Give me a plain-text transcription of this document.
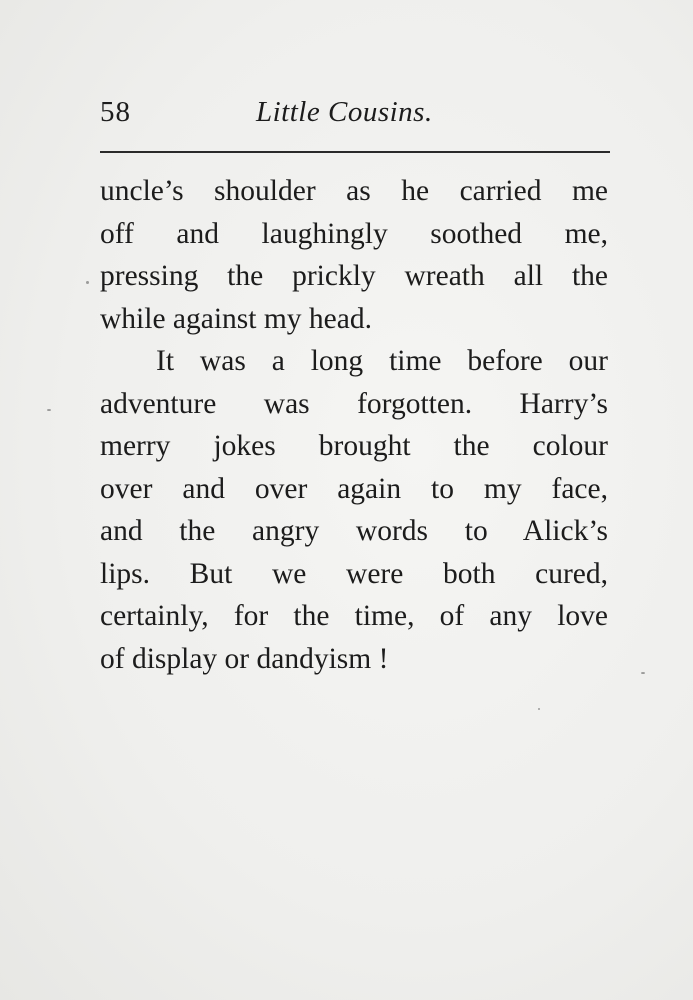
58	Little Cousins.
uncle’s shoulder as he carried me
off and laughingly soothed me,
pressing the prickly wreath all the
while against my head.
It was a long time before our
adventure was forgotten. Harry’s
merry jokes brought the colour
over and over again to my face,
and the angry words to Alick’s
lips. But we were both cured,
certainly, for the time, of any love
of display or dandyism !
